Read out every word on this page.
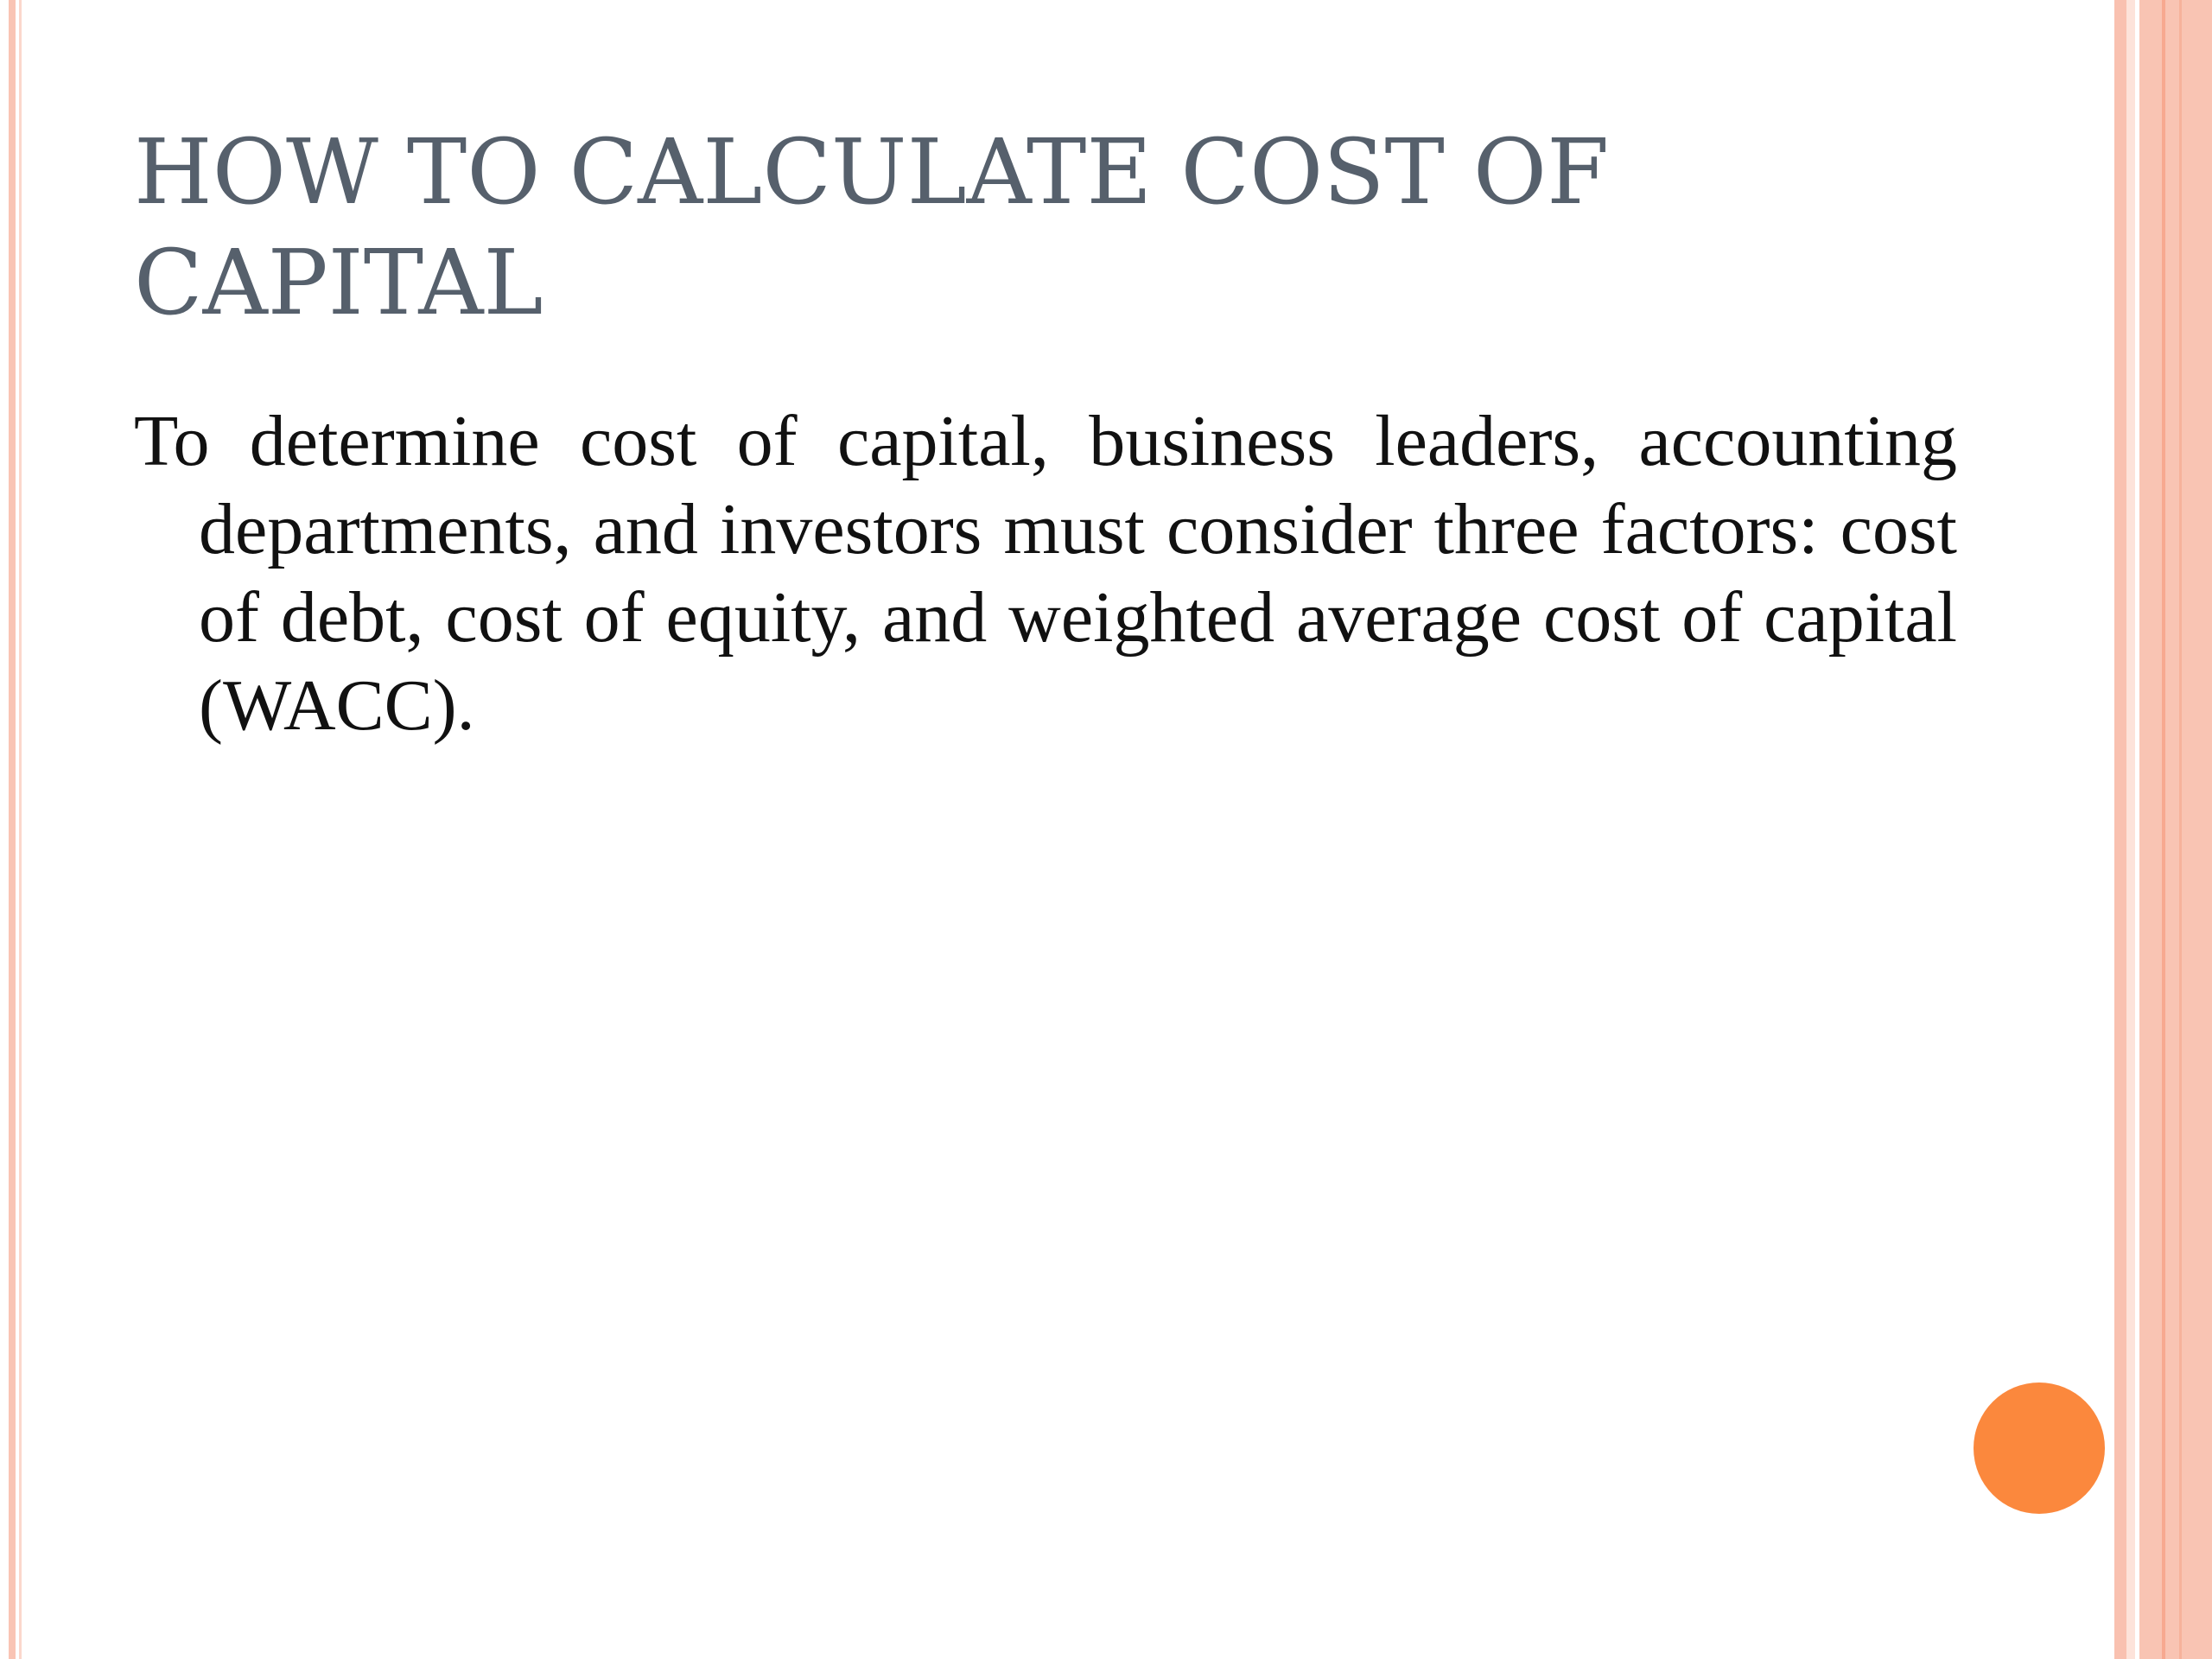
HOW TO CALCULATE COST OF CAPITAL

To determine cost of capital, business leaders, accounting departments, and investors must consider three factors: cost of debt, cost of equity, and weighted average cost of capital (WACC).
